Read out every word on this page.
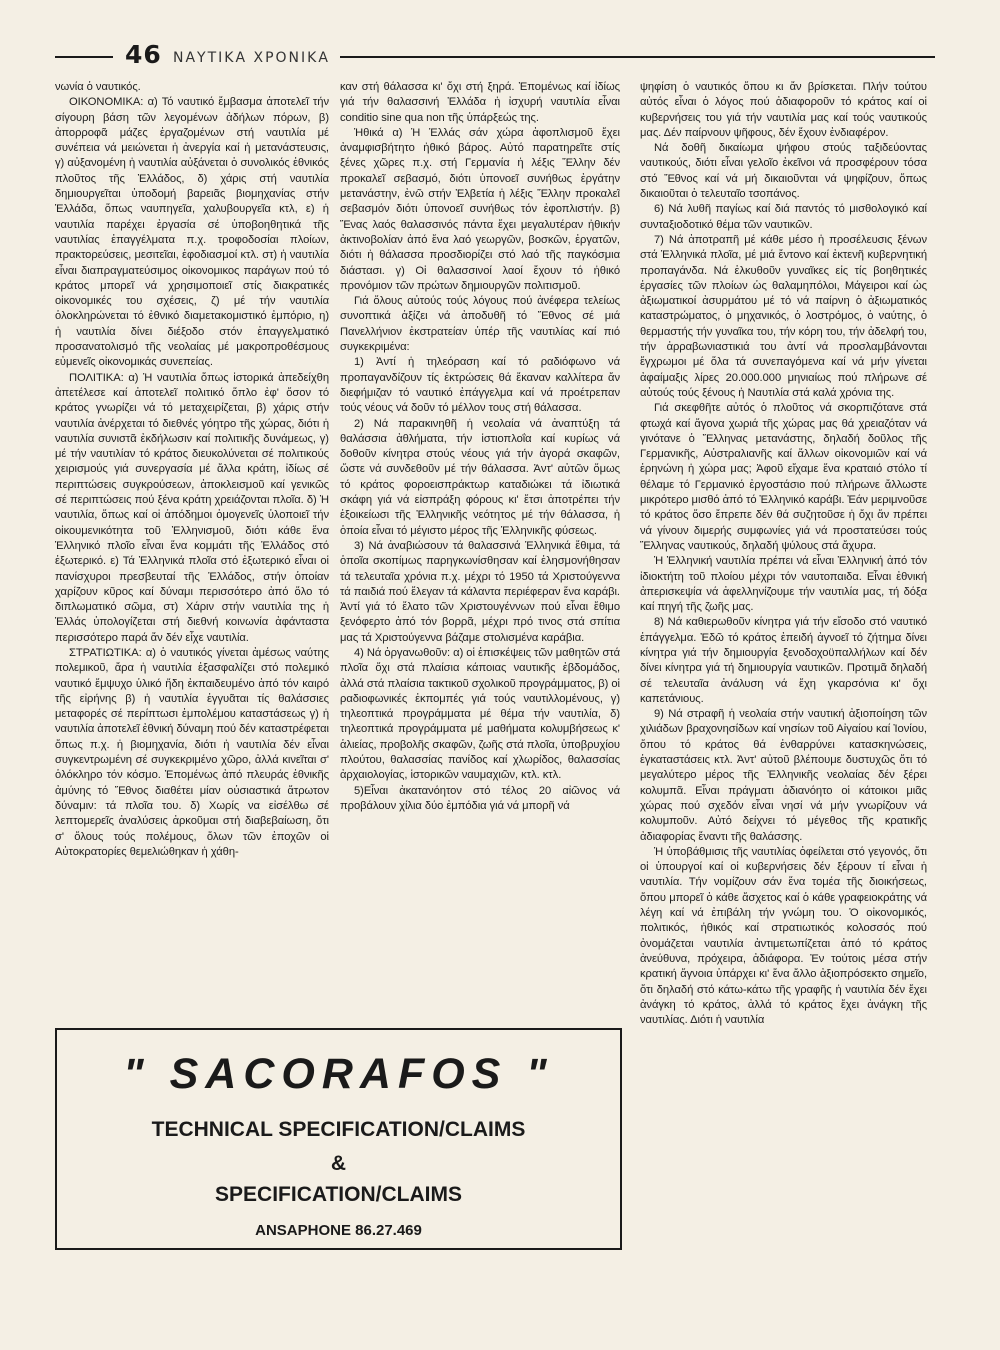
46 ΝΑΥΤΙΚΑ ΧΡΟΝΙΚΑ

νωνία ὁ ναυτικός.

ΟΙΚΟΝΟΜΙΚΑ: α) Τό ναυτικό ἔμβασμα ἀποτελεῖ τήν σίγουρη βάση τῶν λεγομένων ἀδήλων πόρων, β) ἀπορροφᾶ μάζες ἐργαζομένων στή ναυτιλία μέ συνέπεια νά μειώνεται ἡ ἀνεργία καί ἡ μετανάστευσις, γ) αὐξανομένη ἡ ναυτιλία αὐξάνεται ὁ συνολικός ἐθνικός πλοῦτος τῆς Ἑλλάδος, δ) χάρις στή ναυτιλία δημιουργεῖται ὑποδομή βαρειᾶς βιομηχανίας στήν Ἑλλάδα, ὅπως ναυπηγεῖα, χαλυβουργεῖα κτλ, ε) ἡ ναυτιλία παρέχει ἐργασία σέ ὑποβοηθητικά τῆς ναυτιλίας ἐπαγγέλματα π.χ. τροφοδοσίαι πλοίων, πρακτορεύσεις, μεσιτεῖαι, ἐφοδιασμοί κτλ. στ) ἡ ναυτιλία εἶναι διαπραγματεύσιμος οἰκονομικος παράγων πού τό κράτος μπορεῖ νά χρησιμοποιεῖ στίς διακρατικές οἰκονομικές του σχέσεις, ζ) μέ τήν ναυτιλία ὁλοκληρώνεται τό ἐθνικό διαμετακομιστικό ἐμπόριο, η) ἡ ναυτιλία δίνει διέξοδο στόν ἐπαγγελματικό προσανατολισμό τῆς νεολαίας μέ μακροπροθέσμους εὐμενεῖς οἰκονομικάς συνεπείας.

ΠΟΛΙΤΙΚΑ: α) Ἡ ναυτιλία ὅπως ἱστορικά ἀπεδείχθη ἀπετέλεσε καί ἀποτελεῖ πολιτικό ὅπλο ἐφ' ὅσον τό κράτος γνωρίζει νά τό μεταχειρίζεται, β) χάρις στήν ναυτιλία ἀνέρχεται τό διεθνές γόητρο τῆς χώρας, διότι ἡ ναυτιλία συνιστᾶ ἐκδήλωσιν καί πολιτικῆς δυνάμεως, γ) μέ τήν ναυτιλίαν τό κράτος διευκολύνεται σέ πολιτικούς χειρισμούς γιά συνεργασία μέ ἄλλα κράτη, ἰδίως σέ περιπτώσεις συγκρούσεων, ἀποκλεισμοῦ καί γενικῶς σέ περιπτώσεις πού ξένα κράτη χρειάζονται πλοῖα. δ) Ἡ ναυτιλία, ὅπως καί οἱ ἀπόδημοι ὁμογενεῖς ὑλοποιεῖ τήν οἰκουμενικότητα τοῦ Ἑλληνισμοῦ, διότι κάθε ἕνα Ἑλληνικό πλοῖο εἶναι ἕνα κομμάτι τῆς Ἑλλάδος στό ἐξωτερικό. ε) Τά Ἑλληνικά πλοῖα στό ἐξωτερικό εἶναι οἱ πανίσχυροι πρεσβευταί τῆς Ἑλλάδος, στήν ὁποίαν χαρίζουν κῦρος καί δύναμι περισσότερο ἀπό ὅλο τό διπλωματικό σῶμα, στ) Χάριν στήν ναυτιλία της ἡ Ἑλλάς ὑπολογίζεται στή διεθνή κοινωνία ἀφάνταστα περισσότερο παρά ἄν δέν εἶχε ναυτιλία.

ΣΤΡΑΤΙΩΤΙΚΑ: α) ὁ ναυτικός γίνεται ἀμέσως ναύτης πολεμικοῦ, ἄρα ἡ ναυτιλία ἐξασφαλίζει στό πολεμικό ναυτικό ἔμψυχο ὑλικό ἤδη ἐκπαιδευμένο ἀπό τόν καιρό τῆς εἰρήνης β) ἡ ναυτιλία ἐγγυᾶται τίς θαλάσσιες μεταφορές σέ περίπτωσι ἐμπολέμου καταστάσεως γ) ἡ ναυτιλία ἀποτελεῖ ἐθνική δύναμη πού δέν καταστρέφεται ὅπως π.χ. ἡ βιομηχανία, διότι ἡ ναυτιλία δέν εἶναι συγκεντρωμένη σέ συγκεκριμένο χῶρο, ἀλλά κινεῖται σ' ὁλόκληρο τόν κόσμο. Ἐπομένως ἀπό πλευράς ἐθνικῆς ἀμύνης τό Ἔθνος διαθέτει μίαν οὐσιαστικά ἄτρωτον δύναμιν: τά πλοῖα του. δ) Χωρίς να εἰσέλθω σέ λεπτομερεῖς ἀναλύσεις ἀρκοῦμαι στή διαβεβαίωση, ὅτι σ' ὅλους τούς πολέμους, ὅλων τῶν ἐποχῶν οἱ Αὐτοκρατορίες θεμελιώθηκαν ἡ χάθη-

καν στή θάλασσα κι' ὄχι στή ξηρά. Ἐπομένως καί ἰδίως γιά τήν θαλασσινή Ἑλλάδα ἡ ἰσχυρή ναυτιλία εἶναι conditio sine qua non τῆς ὑπάρξεώς της.

Ἠθικά α) Ἡ Ἑλλάς σάν χώρα ἀφοπλισμοῦ ἔχει ἀναμφισβήτητο ἠθικό βάρος. Αὐτό παρατηρεῖτε στίς ξένες χῶρες π.χ. στή Γερμανία ἡ λέξις Ἕλλην δέν προκαλεῖ σεβασμό, διότι ὑπονοεῖ συνήθως ἐργάτην μετανάστην, ἐνῶ στήν Ἑλβετία ἡ λέξις Ἕλλην προκαλεῖ σεβασμόν διότι ὑπονοεῖ συνήθως τόν ἐφοπλιστήν. β) Ἕνας λαός θαλασσινός πάντα ἔχει μεγαλυτέραν ἠθικήν ἀκτινοβολίαν ἀπό ἕνα λαό γεωργῶν, βοσκῶν, ἐργατῶν, διότι ἡ θάλασσα προσδιορίζει στό λαό τῆς παγκόσμια διάστασι. γ) Οἱ θαλασσινοί λαοί ἔχουν τό ἠθικό προνόμιον τῶν πρώτων δημιουργῶν πολιτισμοῦ.

Γιά ὅλους αὐτούς τούς λόγους πού ἀνέφερα τελείως συνοπτικά ἀξίζει νά ἀποδυθῆ τό Ἔθνος σέ μιά Πανελλήνιον ἐκστρατείαν ὑπέρ τῆς ναυτιλίας καί πιό συγκεκριμένα:

1) Ἀντί ἡ τηλεόραση καί τό ραδιόφωνο νά προπαγανδίζουν τίς ἐκτρώσεις θά ἔκαναν καλλίτερα ἄν διεφήμιζαν τό ναυτικό ἐπάγγελμα καί νά προέτρεπαν τούς νέους νά δοῦν τό μέλλον τους στή θάλασσα.

2) Νά παρακινηθῆ ἡ νεολαία νά ἀναπτύξη τά θαλάσσια ἀθλήματα, τήν ἱστιοπλοΐα καί κυρίως νά δοθοῦν κίνητρα στούς νέους γιά τήν ἀγορά σκαφῶν, ὥστε νά συνδεθοῦν μέ τήν θάλασσα. Ἀντ' αὐτῶν ὅμως τό κράτος φοροεισπράκτωρ καταδιώκει τά ἰδιωτικά σκάφη γιά νά εἰσπράξη φόρους κι' ἔτσι ἀποτρέπει τήν ἐξοικείωσι τῆς Ἑλληνικῆς νεότητος μέ τήν θάλασσα, ἡ ὁποία εἶναι τό μέγιστο μέρος τῆς Ἑλληνικῆς φύσεως.

3) Νά ἀναβιώσουν τά θαλασσινά Ἑλληνικά ἔθιμα, τά ὁποῖα σκοπίμως παρηγκωνίσθησαν καί ἐλησμονήθησαν τά τελευταῖα χρόνια π.χ. μέχρι τό 1950 τά Χριστούγεννα τά παιδιά πού ἔλεγαν τά κάλαντα περιέφεραν ἕνα καράβι. Ἀντί γιά τό ἔλατο τῶν Χριστουγέννων πού εἶναι ἔθιμο ξενόφερτο ἀπό τόν βορρᾶ, μέχρι πρό τινος στά σπίτια μας τά Χριστούγεννα βάζαμε στολισμένα καράβια.

4) Νά ὀργανωθοῦν: α) οἱ ἐπισκέψεις τῶν μαθητῶν στά πλοῖα ὄχι στά πλαίσια κάποιας ναυτικῆς ἑβδομάδος, ἀλλά στά πλαίσια τακτικοῦ σχολικοῦ προγράμματος, β) οἱ ραδιοφωνικές ἐκπομπές γιά τούς ναυτιλλομένους, γ) τηλεοπτικά προγράμματα μέ θέμα τήν ναυτιλία, δ) τηλεοπτικά προγράμματα μέ μαθήματα κολυμβήσεως κ' ἁλιείας, προβολῆς σκαφῶν, ζωῆς στά πλοῖα, ὑποβρυχίου πλούτου, θαλασσίας πανίδος καί χλωρίδος, θαλασσίας ἀρχαιολογίας, ἱστορικῶν ναυμαχιῶν, κτλ. κτλ.

5)Εἶναι ἀκατανόητον στό τέλος 20 αἰῶνος νά προβάλουν χίλια δύο ἐμπόδια γιά νά μπορῆ νά

ψηφίση ὁ ναυτικός ὅπου κι ἄν βρίσκεται. Πλήν τούτου αὐτός εἶναι ὁ λόγος πού ἀδιαφοροῦν τό κράτος καί οἱ κυβερνήσεις του γιά τήν ναυτιλία μας καί τούς ναυτικούς μας. Δέν παίρνουν ψῆφους, δέν ἔχουν ἐνδιαφέρον.

Νά δοθῆ δικαίωμα ψήφου στούς ταξιδεύοντας ναυτικούς, διότι εἶναι γελοῖο ἐκεῖνοι νά προσφέρουν τόσα στό Ἔθνος καί νά μή δικαιοῦνται νά ψηφίζουν, ὅπως δικαιοῦται ὁ τελευταῖο τσοπάνος.

6) Νά λυθῆ παγίως καί διά παντός τό μισθολογικό καί συνταξιοδοτικό θέμα τῶν ναυτικῶν.

7) Νά ἀποτραπῆ μέ κάθε μέσο ἡ προσέλευσις ξένων στά Ἑλληνικά πλοῖα, μέ μιά ἔντονο καί ἐκτενῆ κυβερνητική προπαγάνδα. Νά ἑλκυθοῦν γυναῖκες εἰς τίς βοηθητικές ἐργασίες τῶν πλοίων ὡς θαλαμηπόλοι, Μάγειροι καί ὡς ἀξιωματικοί ἀσυρμάτου μέ τό νά παίρνη ὁ ἀξιωματικός καταστρώματος, ὁ μηχανικός, ὁ λοστρόμος, ὁ ναύτης, ὁ θερμαστής τήν γυναῖκα του, τήν κόρη του, τήν ἀδελφή του, τήν ἀρραβωνιαστικιά του ἀντί νά προσλαμβάνονται ἔγχρωμοι μέ ὅλα τά συνεπαγόμενα καί νά μήν γίνεται ἀφαίμαξις λίρες 20.000.000 μηνιαίως πού πλήρωνε σέ αὐτούς τούς ξένους ἡ Ναυτιλία στά καλά χρόνια της.

Γιά σκεφθῆτε αὐτός ὁ πλοῦτος νά σκορπιζότανε στά φτωχά καί ἄγονα χωριά τῆς χώρας μας θά χρειαζόταν νά γινότανε ὁ Ἕλληνας μετανάστης, δηλαδή δοῦλος τῆς Γερμανικῆς, Αὐστραλιανῆς καί ἄλλων οἰκονομιῶν καί νά ἐρηνώνη ἡ χώρα μας; Ἀφοῦ εἴχαμε ἕνα κραταιό στόλο τί θέλαμε τό Γερμανικό ἐργοστάσιο πού πλήρωνε ἄλλωστε μικρότερο μισθό ἀπό τό Ἑλληνικό καράβι. Ἐάν μεριμνοῦσε τό κράτος ὅσο ἔπρεπε δέν θά συζητοῦσε ἡ ὄχι ἄν πρέπει νά γίνουν διμερής συμφωνίες γιά νά προστατεύσει τούς Ἕλληνας ναυτικούς, δηλαδή ψύλους στά ἄχυρα.

Ἡ Ἑλληνική ναυτιλία πρέπει νά εἶναι Ἑλληνική ἀπό τόν ἰδιοκτήτη τοῦ πλοίου μέχρι τόν ναυτοπαιδα. Εἶναι ἐθνική ἀπερισκεψία νά ἀφελληνίζουμε τήν ναυτιλία μας, τή δόξα καί πηγή τῆς ζωῆς μας.

8) Νά καθιερωθοῦν κίνητρα γιά τήν εἴσοδο στό ναυτικό ἐπάγγελμα. Ἐδῶ τό κράτος ἐπειδή ἀγνοεῖ τό ζήτημα δίνει κίνητρα γιά τήν δημιουργία ξενοδοχοϋπαλλήλων καί δέν δίνει κίνητρα γιά τή δημιουργία ναυτικῶν. Προτιμᾶ δηλαδή σέ τελευταῖα ἀνάλυση νά ἔχη γκαρσόνια κι' ὄχι καπετάνιους.

9) Νά στραφῆ ἡ νεολαία στήν ναυτική ἀξιοποίηση τῶν χιλιάδων βραχονησίδων καί νησίων τοῦ Αἰγαίου καί Ἰονίου, ὅπου τό κράτος θά ἐνθαρρύνει κατασκηνώσεις, ἐγκαταστάσεις κτλ. Ἀντ' αὐτοῦ βλέπουμε δυστυχῶς ὅτι τό μεγαλύτερο μέρος τῆς Ἑλληνικῆς νεολαίας δέν ξέρει κολυμπᾶ. Εἶναι πράγματι ἀδιανόητο οἱ κάτοικοι μιᾶς χώρας πού σχεδόν εἶναι νησί νά μήν γνωρίζουν νά κολυμποῦν. Αὐτό δείχνει τό μέγεθος τῆς κρατικῆς ἀδιαφορίας ἔναντι τῆς θαλάσσης.

Ἡ ὑποβάθμισις τῆς ναυτιλίας ὀφείλεται στό γεγονός, ὅτι οἱ ὑπουργοί καί οἱ κυβερνήσεις δέν ξέρουν τί εἶναι ἡ ναυτιλία. Τήν νομίζουν σάν ἕνα τομέα τῆς διοικήσεως, ὅπου μπορεῖ ὁ κάθε ἄσχετος καί ὁ κάθε γραφειοκράτης νά λέγη καί νά ἐπιβάλη τήν γνώμη του. Ὁ οἰκονομικός, πολιτικός, ἠθικός καί στρατιωτικός κολοσσός πού ὀνομάζεται ναυτιλία ἀντιμετωπίζεται ἀπό τό κράτος ἀνεύθυνα, πρόχειρα, ἀδιάφορα. Ἐν τούτοις μέσα στήν κρατική ἄγνοια ὑπάρχει κι' ἕνα ἄλλο ἀξιοπρόσεκτο σημεῖο, ὅτι δηλαδή στό κάτω-κάτω τῆς γραφῆς ἡ ναυτιλία δέν ἔχει ἀνάγκη τό κράτος, ἀλλά τό κράτος ἔχει ἀνάγκη τῆς ναυτιλίας. Διότι ἡ ναυτιλία

" SACORAFOS "
TECHNICAL SPECIFICATION/CLAIMS
&
SPECIFICATION/CLAIMS
ANSAPHONE 86.27.469
